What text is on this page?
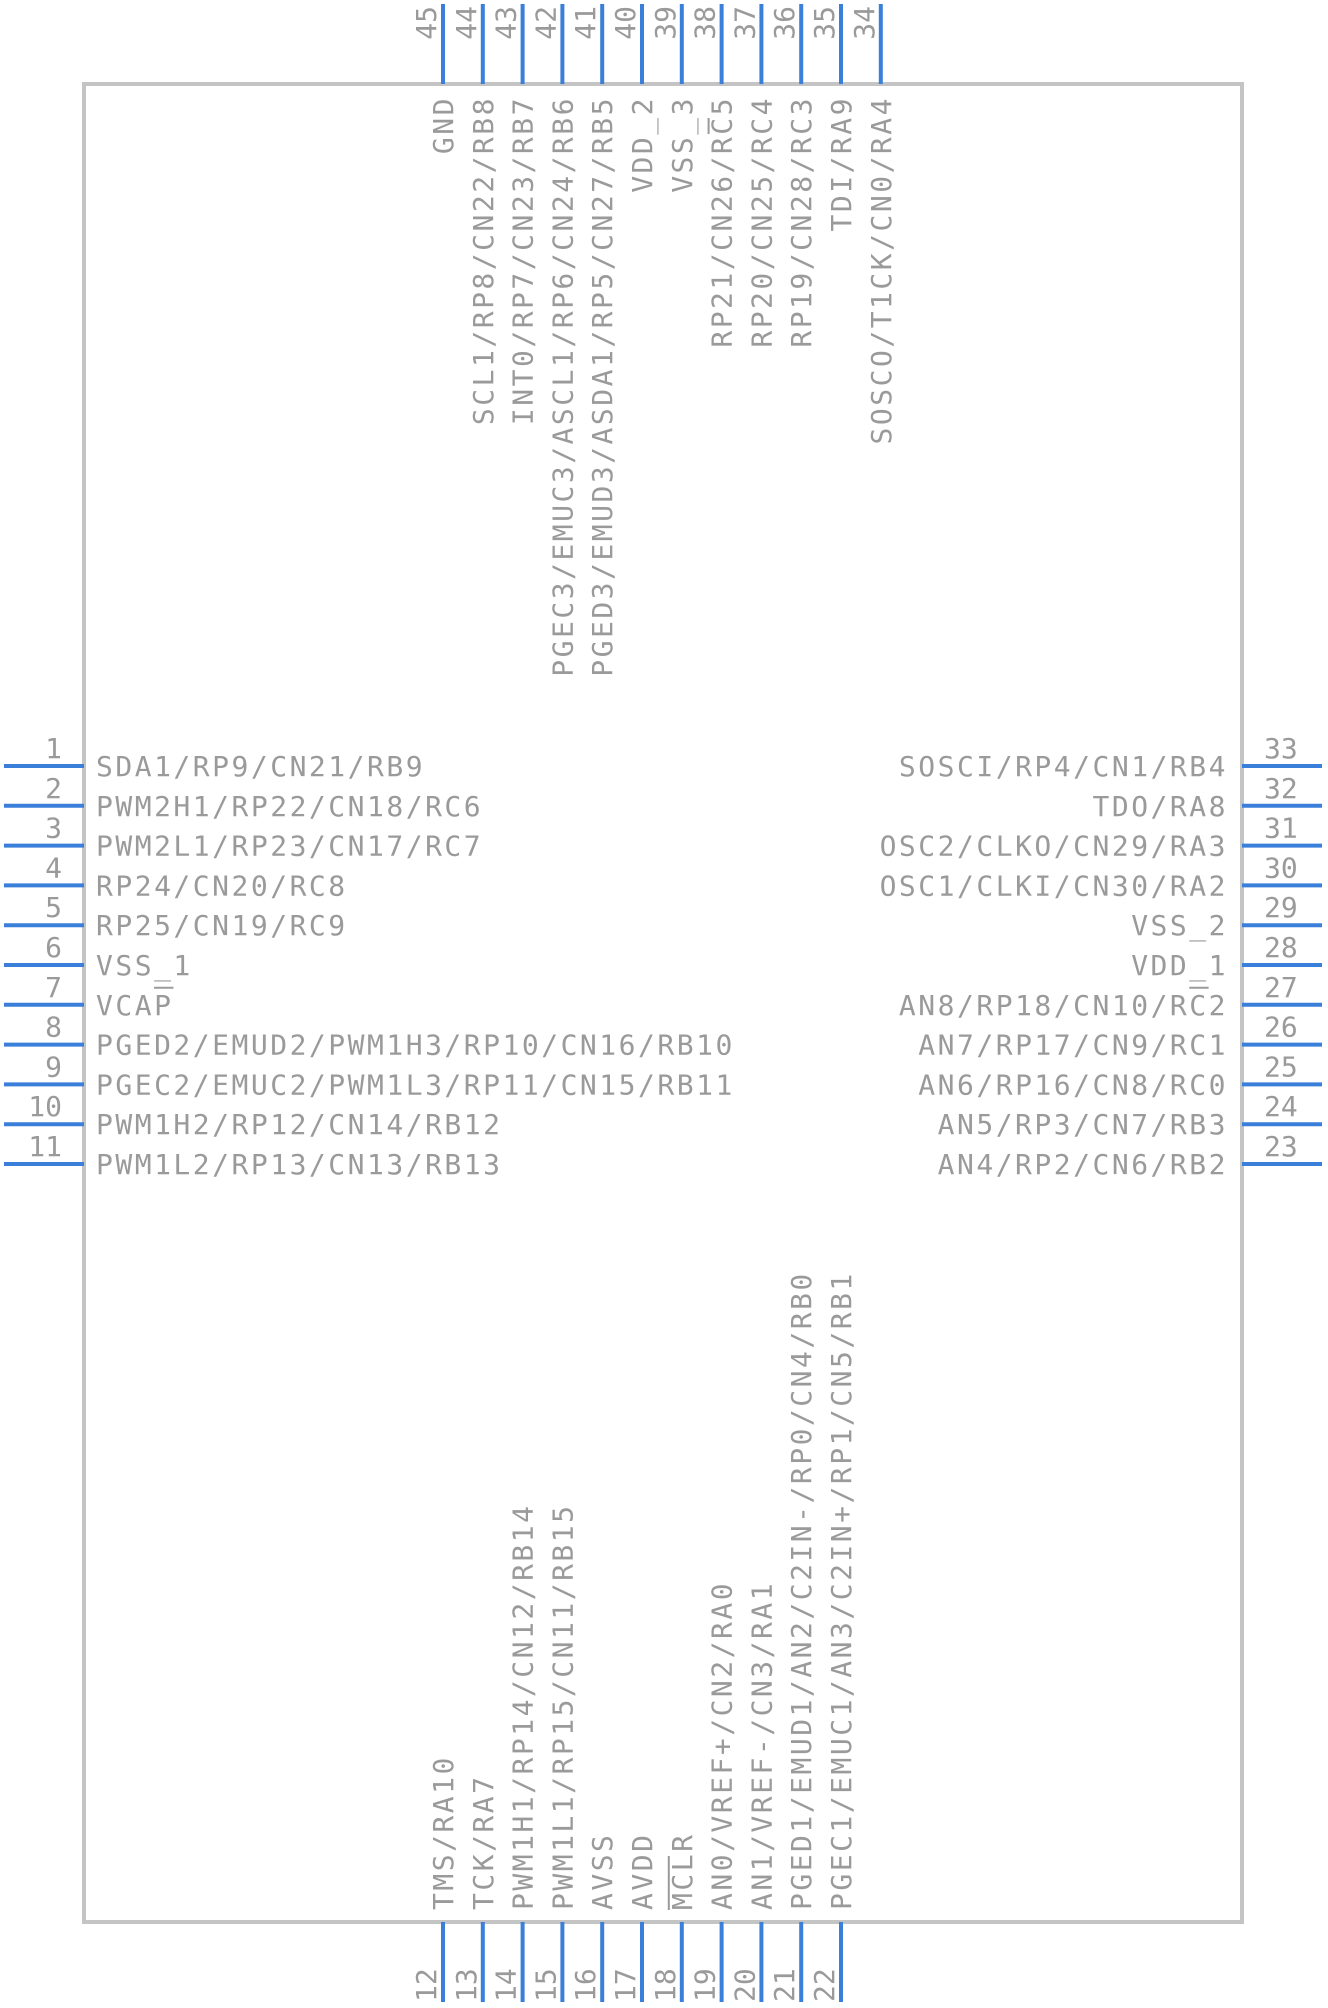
1
SDA1/RP9/CN21/RB9
2
PWM2H1/RP22/CN18/RC6
3
PWM2L1/RP23/CN17/RC7
4
RP24/CN20/RC8
5
RP25/CN19/RC9
6
VSS_1
7
VCAP
8
PGED2/EMUD2/PWM1H3/RP10/CN16/RB10
9
PGEC2/EMUC2/PWM1L3/RP11/CN15/RB11
10
PWM1H2/RP12/CN14/RB12
11
PWM1L2/RP13/CN13/RB13
33
SOSCI/RP4/CN1/RB4
32
TDO/RA8
31
OSC2/CLKO/CN29/RA3
30
OSC1/CLKI/CN30/RA2
29
VSS_2
28
VDD_1
27
AN8/RP18/CN10/RC2
26
AN7/RP17/CN9/RC1
25
AN6/RP16/CN8/RC0
24
AN5/RP3/CN7/RB3
23
AN4/RP2/CN6/RB2
45
GND
44
SCL1/RP8/CN22/RB8
43
INT0/RP7/CN23/RB7
42
PGEC3/EMUC3/ASCL1/RP6/CN24/RB6
41
PGED3/EMUD3/ASDA1/RP5/CN27/RB5
40
VDD_2
39
VSS_3
38
RP21/CN26/RC5
37
RP20/CN25/RC4
36
RP19/CN28/RC3
35
TDI/RA9
34
SOSCO/T1CK/CN0/RA4
12
TMS/RA10
13
TCK/RA7
14
PWM1H1/RP14/CN12/RB14
15
PWM1L1/RP15/CN11/RB15
16
AVSS
17
AVDD
18
MCLR
19
AN0/VREF+/CN2/RA0
20
AN1/VREF-/CN3/RA1
21
PGED1/EMUD1/AN2/C2IN-/RP0/CN4/RB0
22
PGEC1/EMUC1/AN3/C2IN+/RP1/CN5/RB1
